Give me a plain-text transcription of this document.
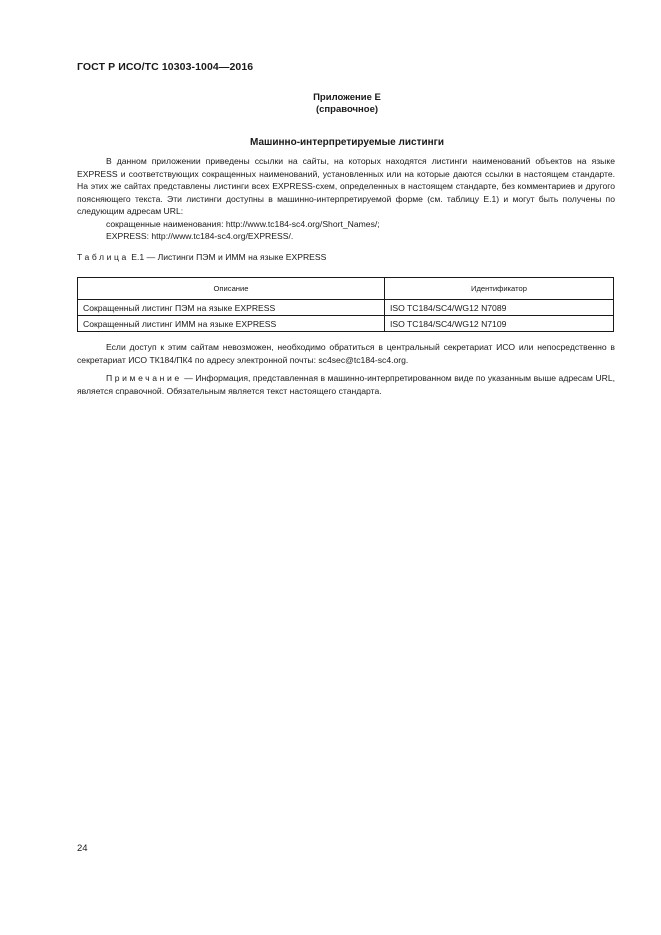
ГОСТ Р ИСО/ТС 10303-1004—2016
Приложение Е
(справочное)
Машинно-интерпретируемые листинги

В данном приложении приведены ссылки на сайты, на которых находятся листинги наименований объектов на языке EXPRESS и соответствующих сокращенных наименований, установленных или на которые даются ссылки в настоящем стандарте. На этих же сайтах представлены листинги всех EXPRESS-схем, определенных в настоящем стандарте, без комментариев и другого поясняющего текста. Эти листинги доступны в машинно-интерпретируемой форме (см. таблицу Е.1) и могут быть получены по следующим адресам URL:

сокращенные наименования: http://www.tc184-sc4.org/Short_Names/;

EXPRESS: http://www.tc184-sc4.org/EXPRESS/.

Таблица Е.1 — Листинги ПЭМ и ИММ на языке EXPRESS
Описание	Идентификатор
Сокращенный листинг ПЭМ на языке EXPRESS	ISO TC184/SC4/WG12 N7089
Сокращенный листинг ИММ на языке EXPRESS	ISO TC184/SC4/WG12 N7109

Если доступ к этим сайтам невозможен, необходимо обратиться в центральный секретариат ИСО или непосредственно в секретариат ИСО ТК184/ПК4 по адресу электронной почты: sc4sec@tc184-sc4.org.

Примечание — Информация, представленная в машинно-интерпретированном виде по указанным выше адресам URL, является справочной. Обязательным является текст настоящего стандарта.

24
